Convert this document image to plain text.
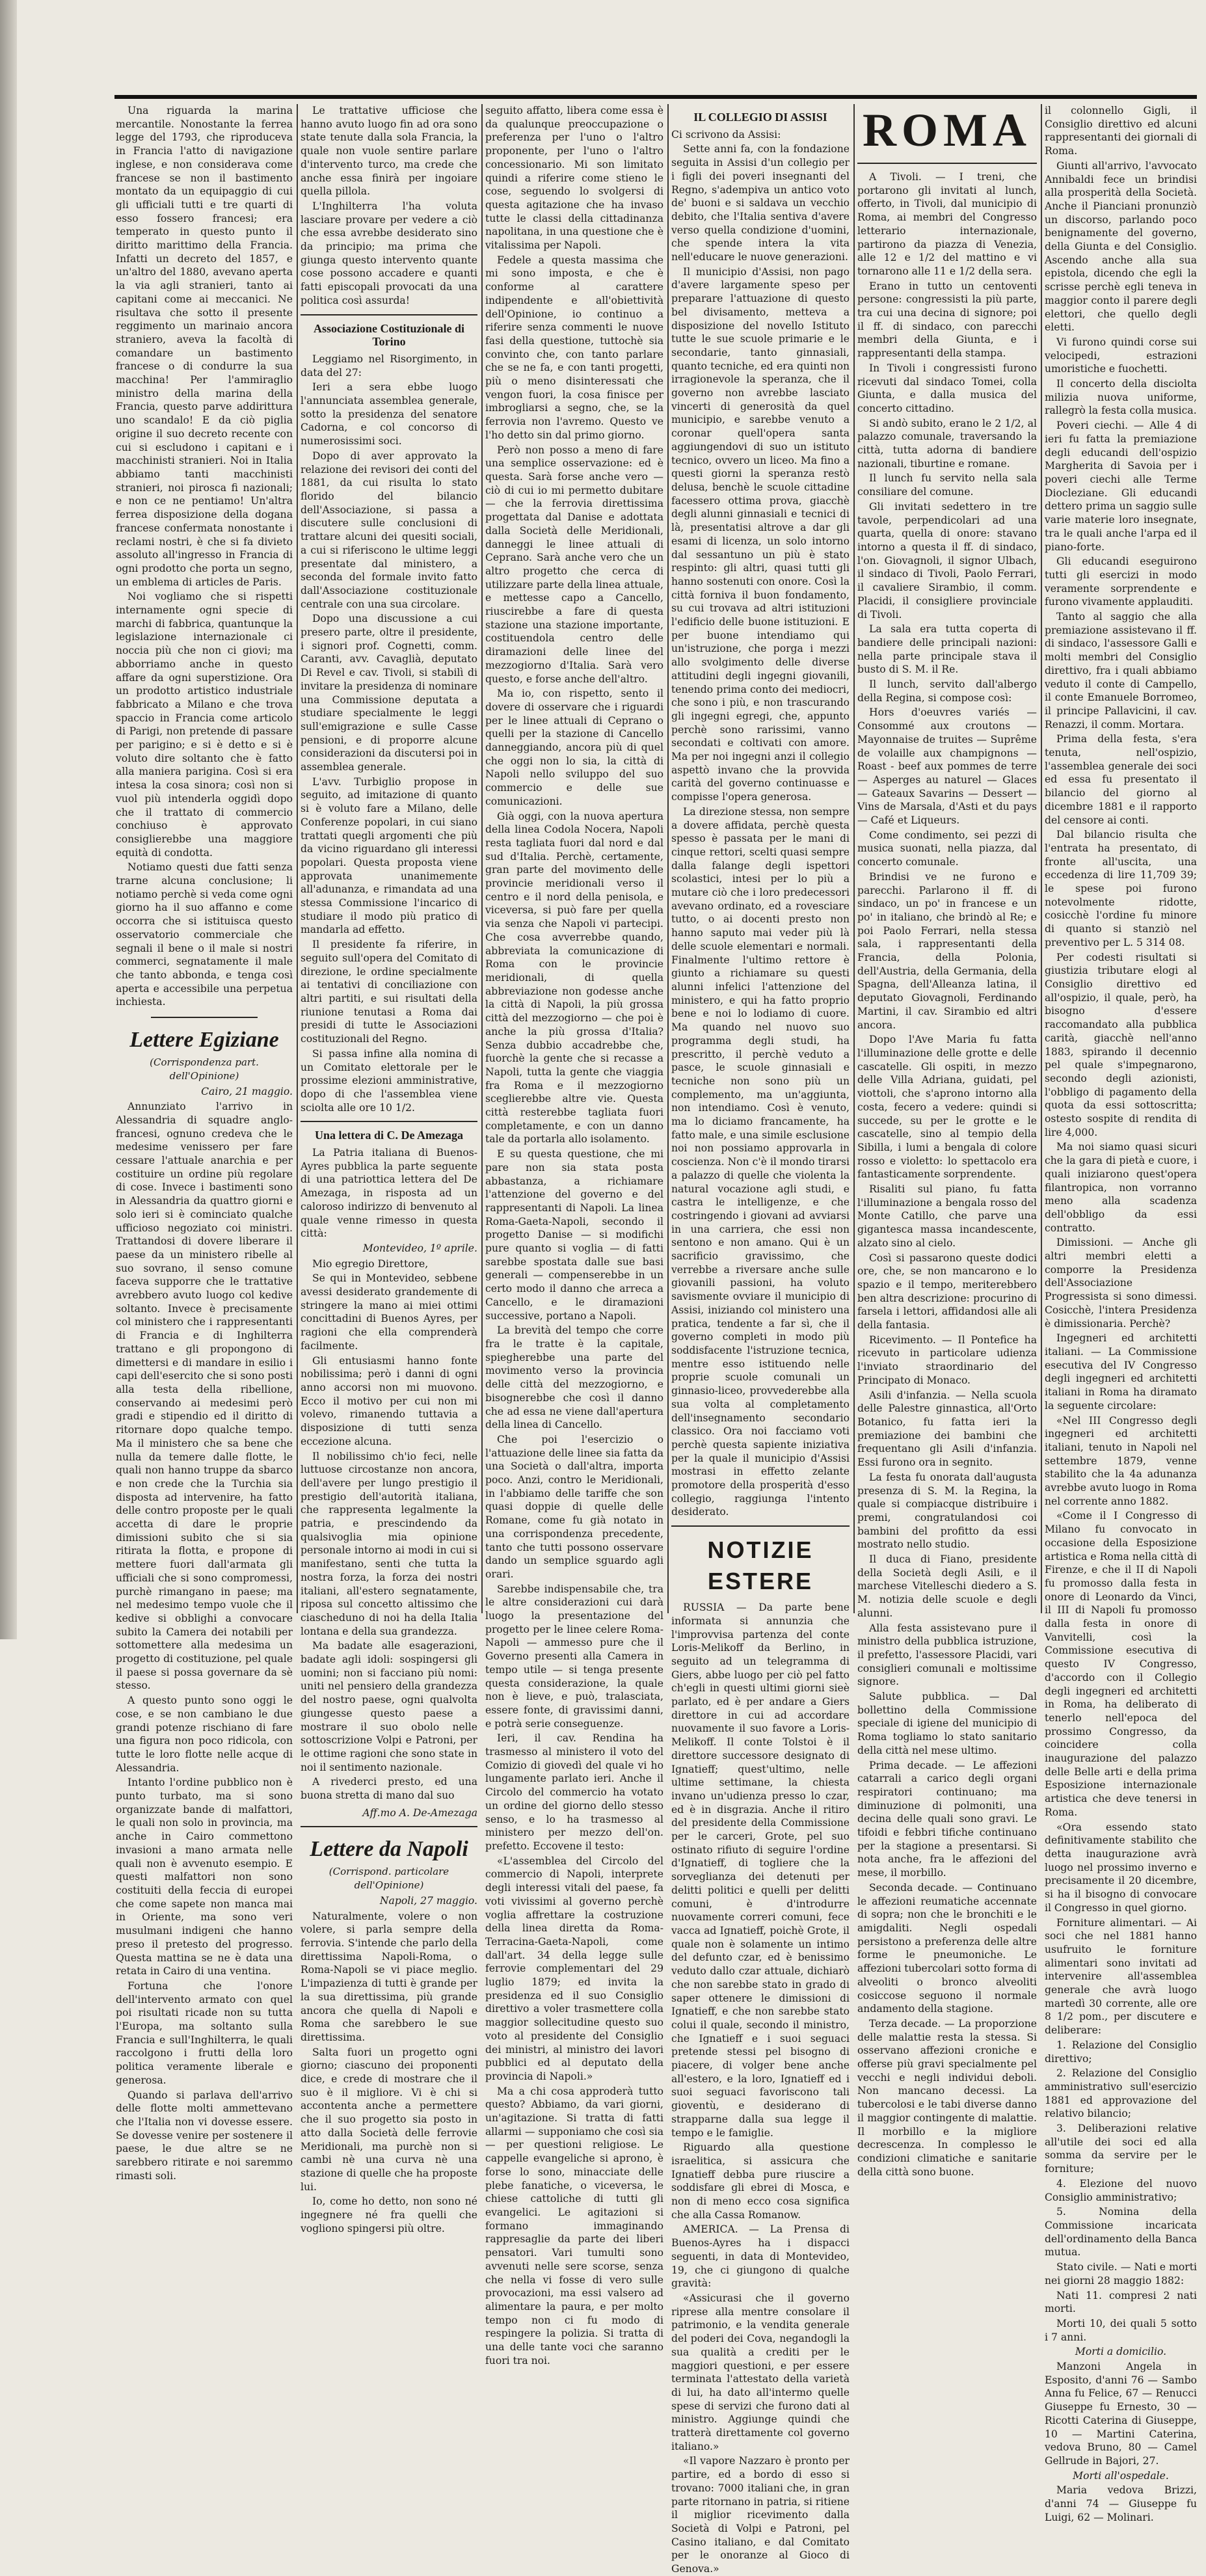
Una riguarda la marina mercantile. Nonostante la ferrea legge del 1793, che riproduceva in Francia l'atto di navigazione inglese, e non considerava come francese se non il bastimento montato da un equipaggio di cui gli ufficiali tutti e tre quarti di esso fossero francesi; era temperato in questo punto il diritto marittimo della Francia. Infatti un decreto del 1857, e un'altro del 1880, avevano aperta la via agli stranieri, tanto ai capitani come ai meccanici. Ne risultava che sotto il presente reggimento un marinaio ancora straniero, aveva la facoltà di comandare un bastimento francese o di condurre la sua macchina! Per l'ammiraglio ministro della marina della Francia, questo parve addirittura uno scandalo! E da ciò piglia origine il suo decreto recente con cui si escludono i capitani e i macchinisti stranieri. Noi in Italia abbiamo tanti macchinisti stranieri, noi pirosca fi nazionali; e non ce ne pentiamo! Un'altra ferrea disposizione della dogana francese confermata nonostante i reclami nostri, è che si fa divieto assoluto all'ingresso in Francia di ogni prodotto che porta un segno, un emblema di articles de Paris.

Noi vogliamo che si rispetti internamente ogni specie di marchi di fabbrica, quantunque la legislazione internazionale ci noccia più che non ci giovi; ma abborriamo anche in questo affare da ogni superstizione. Ora un prodotto artistico industriale fabbricato a Milano e che trova spaccio in Francia come articolo di Parigi, non pretende di passare per parigino; e si è detto e si è voluto dire soltanto che è fatto alla maniera parigina. Così si era intesa la cosa sinora; così non si vuol più intenderla oggidì dopo che il trattato di commercio conchiuso è approvato consiglierebbe una maggiore equità di condotta.

Notiamo questi due fatti senza trarne alcuna conclusione; li notiamo perchè si veda come ogni giorno ha il suo affanno e come occorra che si istituisca questo osservatorio commerciale che segnali il bene o il male si nostri commerci, segnatamente il male che tanto abbonda, e tenga così aperta e accessibile una perpetua inchiesta.

Lettere Egiziane
(Corrispondenza part. dell'Opinione)
Cairo, 21 maggio.

Annunziato l'arrivo in Alessandria di squadre anglo-francesi, ognuno credeva che le medesime venissero per fare cessare l'attuale anarchia e per costituire un ordine più regolare di cose. Invece i bastimenti sono in Alessandria da quattro giorni e solo ieri si è cominciato qualche ufficioso negoziato coi ministri. Trattandosi di dovere liberare il paese da un ministero ribelle al suo sovrano, il senso comune faceva supporre che le trattative avrebbero avuto luogo col kedive soltanto. Invece è precisamente col ministero che i rappresentanti di Francia e di Inghilterra trattano e gli propongono di dimettersi e di mandare in esilio i capi dell'esercito che si sono posti alla testa della ribellione, conservando ai medesimi però gradi e stipendio ed il diritto di ritornare dopo qualche tempo. Ma il ministero che sa bene che nulla da temere dalle flotte, le quali non hanno truppe da sbarco e non crede che la Turchia sia disposta ad intervenire, ha fatto delle contro proposte per le quali accetta di dare le proprie dimissioni subito che si sia ritirata la flotta, e propone di mettere fuori dall'armata gli ufficiali che si sono compromessi, purchè rimangano in paese; ma nel medesimo tempo vuole che il kedive si obblighi a convocare subito la Camera dei notabili per sottomettere alla medesima un progetto di costituzione, pel quale il paese si possa governare da sè stesso.

A questo punto sono oggi le cose, e se non cambiano le due grandi potenze rischiano di fare una figura non poco ridicola, con tutte le loro flotte nelle acque di Alessandria.

Intanto l'ordine pubblico non è punto turbato, ma si sono organizzate bande di malfattori, le quali non solo in provincia, ma anche in Cairo commettono invasioni a mano armata nelle quali non è avvenuto esempio. E questi malfattori non sono costituiti della feccia di europei che come sapete non manca mai in Oriente, ma sono veri musulmani indigeni che hanno preso il pretesto del progresso. Questa mattina se ne è data una retata in Cairo di una ventina.

Fortuna che l'onore dell'intervento armato con quel poi risultati ricade non su tutta l'Europa, ma soltanto sulla Francia e sull'Inghilterra, le quali raccolgono i frutti della loro politica veramente liberale e generosa.

Quando si parlava dell'arrivo delle flotte molti ammettevano che l'Italia non vi dovesse essere. Se dovesse venire per sostenere il paese, le due altre se ne sarebbero ritirate e noi saremmo rimasti soli.

Le trattative ufficiose che hanno avuto luogo fin ad ora sono state tenute dalla sola Francia, la quale non vuole sentire parlare d'intervento turco, ma crede che anche essa finirà per ingoiare quella pillola.

L'Inghilterra l'ha voluta lasciare provare per vedere a ciò che essa avrebbe desiderato sino da principio; ma prima che giunga questo intervento quante cose possono accadere e quanti fatti episcopali provocati da una politica così assurda!

Associazione Costituzionale di Torino

Leggiamo nel Risorgimento, in data del 27:

Ieri a sera ebbe luogo l'annunciata assemblea generale, sotto la presidenza del senatore Cadorna, e col concorso di numerosissimi soci.

Dopo di aver approvato la relazione dei revisori dei conti del 1881, da cui risulta lo stato florido del bilancio dell'Associazione, si passa a discutere sulle conclusioni di trattare alcuni dei quesiti sociali, a cui si riferiscono le ultime leggi presentate dal ministero, a seconda del formale invito fatto dall'Associazione costituzionale centrale con una sua circolare.

Dopo una discussione a cui presero parte, oltre il presidente, i signori prof. Cognetti, comm. Caranti, avv. Cavaglià, deputato Di Revel e cav. Tivoli, si stabilì di invitare la presidenza di nominare una Commissione deputata a studiare specialmente le leggi sull'emigrazione e sulle Casse pensioni, e di proporre alcune considerazioni da discutersi poi in assemblea generale.

L'avv. Turbiglio propose in seguito, ad imitazione di quanto si è voluto fare a Milano, delle Conferenze popolari, in cui siano trattati quegli argomenti che più da vicino riguardano gli interessi popolari. Questa proposta viene approvata unanimemente all'adunanza, e rimandata ad una stessa Commissione l'incarico di studiare il modo più pratico di mandarla ad effetto.

Il presidente fa riferire, in seguito sull'opera del Comitato di direzione, le ordine specialmente ai tentativi di conciliazione con altri partiti, e sui risultati della riunione tenutasi a Roma dai presidi di tutte le Associazioni costituzionali del Regno.

Si passa infine alla nomina di un Comitato elettorale per le prossime elezioni amministrative, dopo di che l'assemblea viene sciolta alle ore 10 1/2.

Una lettera di C. De Amezaga

La Patria italiana di Buenos-Ayres pubblica la parte seguente di una patriottica lettera del De Amezaga, in risposta ad un caloroso indirizzo di benvenuto al quale venne rimesso in questa città:

Montevideo, 1º aprile.

Mio egregio Direttore,

Se qui in Montevideo, sebbene avessi desiderato grandemente di stringere la mano ai miei ottimi concittadini di Buenos Ayres, per ragioni che ella comprenderà facilmente.

Gli entusiasmi hanno fonte nobilissima; però i danni di ogni anno accorsi non mi muovono. Ecco il motivo per cui non mi volevo, rimanendo tuttavia a disposizione di tutti senza eccezione alcuna.

Il nobilissimo ch'io feci, nelle luttuose circostanze non ancora, dell'avere per lungo prestigio il prestigio dell'autorità italiana, che rappresenta legalmente la patria, e prescindendo da qualsivoglia mia opinione personale intorno ai modi in cui si manifestano, senti che tutta la nostra forza, la forza dei nostri italiani, all'estero segnatamente, riposa sul concetto altissimo che ciascheduno di noi ha della Italia lontana e della sua grandezza.

Ma badate alle esagerazioni, badate agli idoli: sospingersi gli uomini; non si facciano più nomi: uniti nel pensiero della grandezza del nostro paese, ogni qualvolta giungesse questo paese a mostrare il suo obolo nelle sottoscrizione Volpi e Patroni, per le ottime ragioni che sono state in noi il sentimento nazionale.

A rivederci presto, ed una buona stretta di mano dal suo

Aff.mo A. De-Amezaga
Lettere da Napoli
(Corrispond. particolare dell'Opinione)
Napoli, 27 maggio.

Naturalmente, volere o non volere, si parla sempre della ferrovia. S'intende che parlo della direttissima Napoli-Roma, o Roma-Napoli se vi piace meglio. L'impazienza di tutti è grande per la sua direttissima, più grande ancora che quella di Napoli e Roma che sarebbero le sue direttissima.

Salta fuori un progetto ogni giorno; ciascuno dei proponenti dice, e crede di mostrare che il suo è il migliore. Vi è chi si accontenta anche a permettere che il suo progetto sia posto in atto dalla Società delle ferrovie Meridionali, ma purchè non si cambi nè una curva nè una stazione di quelle che ha proposte lui.

Io, come ho detto, non sono né ingegnere né fra quelli che vogliono spingersi più oltre.

seguito affatto, libera come essa è da qualunque preoccupazione o preferenza per l'uno o l'altro proponente, per l'uno o l'altro concessionario. Mi son limitato quindi a riferire come stieno le cose, seguendo lo svolgersi di questa agitazione che ha invaso tutte le classi della cittadinanza napolitana, in una questione che è vitalissima per Napoli.

Fedele a questa massima che mi sono imposta, e che è conforme al carattere indipendente e all'obiettività dell'Opinione, io continuo a riferire senza commenti le nuove fasi della questione, tuttochè sia convinto che, con tanto parlare che se ne fa, e con tanti progetti, più o meno disinteressati che vengon fuori, la cosa finisce per imbrogliarsi a segno, che, se la ferrovia non l'avremo. Questo ve l'ho detto sin dal primo giorno.

Però non posso a meno di fare una semplice osservazione: ed è questa. Sarà forse anche vero — ciò di cui io mi permetto dubitare — che la ferrovia direttissima progettata dal Danise e adottata dalla Società delle Meridionali, danneggi le linee attuali di Ceprano. Sarà anche vero che un altro progetto che cerca di utilizzare parte della linea attuale, e mettesse capo a Cancello, riuscirebbe a fare di questa stazione una stazione importante, costituendola centro delle diramazioni delle linee del mezzogiorno d'Italia. Sarà vero questo, e forse anche dell'altro.

Ma io, con rispetto, sento il dovere di osservare che i riguardi per le linee attuali di Ceprano o quelli per la stazione di Cancello danneggiando, ancora più di quel che oggi non lo sia, la città di Napoli nello sviluppo del suo commercio e delle sue comunicazioni.

Già oggi, con la nuova apertura della linea Codola Nocera, Napoli resta tagliata fuori dal nord e dal sud d'Italia. Perchè, certamente, gran parte del movimento delle provincie meridionali verso il centro e il nord della penisola, e viceversa, si può fare per quella via senza che Napoli vi partecipi. Che cosa avverrebbe quando, abbreviata la comunicazione di Roma con le provincie meridionali, di quella abbreviazione non godesse anche la città di Napoli, la più grossa città del mezzogiorno — che poi è anche la più grossa d'Italia? Senza dubbio accadrebbe che, fuorchè la gente che si recasse a Napoli, tutta la gente che viaggia fra Roma e il mezzogiorno sceglierebbe altre vie. Questa città resterebbe tagliata fuori completamente, e con un danno tale da portarla allo isolamento.

E su questa questione, che mi pare non sia stata posta abbastanza, a richiamare l'attenzione del governo e del rappresentanti di Napoli. La linea Roma-Gaeta-Napoli, secondo il progetto Danise — si modifichi pure quanto si voglia — di fatti sarebbe spostata dalle sue basi generali — compenserebbe in un certo modo il danno che arreca a Cancello, e le diramazioni successive, portano a Napoli.

La brevità del tempo che corre fra le tratte è la capitale, spiegherebbe una parte del movimento verso la provincia delle città del mezzogiorno, e bisognerebbe che così il danno che ad essa ne viene dall'apertura della linea di Cancello.

Che poi l'esercizio o l'attuazione delle linee sia fatta da una Società o dall'altra, importa poco. Anzi, contro le Meridionali, in l'abbiamo delle tariffe che son quasi doppie di quelle delle Romane, come fu già notato in una corrispondenza precedente, tanto che tutti possono osservare dando un semplice sguardo agli orari.

Sarebbe indispensabile che, tra le altre considerazioni cui darà luogo la presentazione del progetto per le linee celere Roma-Napoli — ammesso pure che il Governo presenti alla Camera in tempo utile — si tenga presente questa considerazione, la quale non è lieve, e può, tralasciata, essere fonte, di gravissimi danni, e potrà serie conseguenze.

Ieri, il cav. Rendina ha trasmesso al ministero il voto del Comizio di giovedì del quale vi ho lungamente parlato ieri. Anche il Circolo del commercio ha votato un ordine del giorno dello stesso senso, e lo ha trasmesso al ministero per mezzo dell'on. prefetto. Eccovene il testo:

«L'assemblea del Circolo del commercio di Napoli, interprete degli interessi vitali del paese, fa voti vivissimi al governo perchè voglia affrettare la costruzione della linea diretta da Roma-Terracina-Gaeta-Napoli, come dall'art. 34 della legge sulle ferrovie complementari del 29 luglio 1879; ed invita la presidenza ed il suo Consiglio direttivo a voler trasmettere colla maggior sollecitudine questo suo voto al presidente del Consiglio dei ministri, al ministro dei lavori pubblici ed al deputato della provincia di Napoli.»

Ma a chi cosa approderà tutto questo? Abbiamo, da vari giorni, un'agitazione. Si tratta di fatti allarmi — supponiamo che così sia — per questioni religiose. Le cappelle evangeliche si aprono, è forse lo sono, minacciate delle plebe fanatiche, o viceversa, le chiese cattoliche di tutti gli evangelici. Le agitazioni si formano immaginando rappresaglie da parte dei liberi pensatori. Vari tumulti sono avvenuti nelle sere scorse, senza che nella vi fosse di vero sulle provocazioni, ma essi valsero ad alimentare la paura, e per molto tempo non ci fu modo di respingere la polizia. Si tratta di una delle tante voci che saranno fuori tra noi.

IL COLLEGIO DI ASSISI

Ci scrivono da Assisi:

Sette anni fa, con la fondazione seguita in Assisi d'un collegio per i figli dei poveri insegnanti del Regno, s'adempiva un antico voto de' buoni e si saldava un vecchio debito, che l'Italia sentiva d'avere verso quella condizione d'uomini, che spende intera la vita nell'educare le nuove generazioni.

Il municipio d'Assisi, non pago d'avere largamente speso per preparare l'attuazione di questo bel divisamento, metteva a disposizione del novello Istituto tutte le sue scuole primarie e le secondarie, tanto ginnasiali, quanto tecniche, ed era quinti non irragionevole la speranza, che il governo non avrebbe lasciato vincerti di generosità da quel municipio, e sarebbe venuto a coronar quell'opera santa aggiungendovi di suo un istituto tecnico, ovvero un liceo. Ma fino a questi giorni la speranza restò delusa, benchè le scuole cittadine facessero ottima prova, giacchè degli alunni ginnasiali e tecnici di là, presentatisi altrove a dar gli esami di licenza, un solo intorno dal sessantuno un più è stato respinto: gli altri, quasi tutti gli hanno sostenuti con onore. Così la città forniva il buon fondamento, su cui trovava ad altri istituzioni l'edificio delle buone istituzioni. E per buone intendiamo qui un'istruzione, che porga i mezzi allo svolgimento delle diverse attitudini degli ingegni giovanili, tenendo prima conto dei mediocri, che sono i più, e non trascurando gli ingegni egregi, che, appunto perchè sono rarissimi, vanno secondati e coltivati con amore. Ma per noi ingegni anzi il collegio aspettò invano che la provvida carità del governo continuasse e compisse l'opera generosa.

La direzione stessa, non sempre a dovere affidata, perchè questa spesso è passata per le mani di cinque rettori, scelti quasi sempre dalla falange degli ispettori scolastici, intesi per lo più a mutare ciò che i loro predecessori avevano ordinato, ed a rovesciare tutto, o ai docenti presto non hanno saputo mai veder più là delle scuole elementari e normali. Finalmente l'ultimo rettore è giunto a richiamare su questi alunni infelici l'attenzione del ministero, e qui ha fatto proprio bene e noi lo lodiamo di cuore. Ma quando nel nuovo suo programma degli studi, ha prescritto, il perchè veduto a pasce, le scuole ginnasiali e tecniche non sono più un complemento, ma un'aggiunta, non intendiamo. Così è venuto, ma lo diciamo francamente, ha fatto male, e una simile esclusione noi non possiamo approvarla in coscienza. Non c'è il mondo tirarsi a palazzo di quelle che violenta la natural vocazione agli studi, e castra le intelligenze, e che costringendo i giovani ad avviarsi in una carriera, che essi non sentono e non amano. Qui è un sacrificio gravissimo, che verrebbe a riversare anche sulle giovanili passioni, ha voluto savismente ovviare il municipio di Assisi, iniziando col ministero una pratica, tendente a far sì, che il governo completi in modo più soddisfacente l'istruzione tecnica, mentre esso istituendo nelle proprie scuole comunali un ginnasio-liceo, provvederebbe alla sua volta al completamento dell'insegnamento secondario classico. Ora noi facciamo voti perchè questa sapiente iniziativa per la quale il municipio d'Assisi mostrasi in effetto zelante promotore della prosperità d'esso collegio, raggiunga l'intento desiderato.

NOTIZIE ESTERE

RUSSIA — Da parte bene informata si annunzia che l'improvvisa partenza del conte Loris-Melikoff da Berlino, in seguito ad un telegramma di Giers, abbe luogo per ciò pel fatto ch'egli in questi ultimi giorni sieè parlato, ed è per andare a Giers direttore in cui ad accordare nuovamente il suo favore a Loris-Melikoff. Il conte Tolstoi è il direttore successore designato di Ignatieff; quest'ultimo, nelle ultime settimane, la chiesta invano un'udienza presso lo czar, ed è in disgrazia. Anche il ritiro del presidente della Commissione per le carceri, Grote, pel suo ostinato rifiuto di seguire l'ordine d'Ignatieff, di togliere che la sorveglianza dei detenuti per delitti politici e quelli per delitti comuni, è d'introdurre nuovamente correri comuni, fece vacca ad Ignatieff, poichè Grote, il quale non è solamente un intimo del defunto czar, ed è benissimo veduto dallo czar attuale, dichiarò che non sarebbe stato in grado di saper ottenere le dimissioni di Ignatieff, e che non sarebbe stato colui il quale, secondo il ministro, che Ignatieff e i suoi seguaci pretende stessi pel bisogno di piacere, di volger bene anche all'estero, e la loro, Ignatieff ed i suoi seguaci favoriscono tali gioventù, e desiderano di strapparne dalla sua legge il tempo e le famiglie.

Riguardo alla questione israelitica, si assicura che Ignatieff debba pure riuscire a soddisfare gli ebrei di Mosca, e non di meno ecco cosa significa che alla Cassa Romanow.

AMERICA. — La Prensa di Buenos-Ayres ha i dispacci seguenti, in data di Montevideo, 19, che ci giungono di qualche gravità:

«Assicurasi che il governo riprese alla mentre consolare il patrimonio, e la vendita generale del poderi dei Cova, negandogli la sua qualità a crediti per le maggiori questioni, e per essere terminata l'attestato della varietà di lui, ha dato all'intermo quelle spese di servizi che furono dati al ministro. Aggiunge quindi che tratterà direttamente col governo italiano.»

«Il vapore Nazzaro è pronto per partire, ed a bordo di esso si trovano: 7000 italiani che, in gran parte ritornano in patria, si ritiene il miglior ricevimento dalla Società di Volpi e Patroni, pel Casino italiano, e dal Comitato per le onoranze al Gioco di Genova.»

ROMA

A Tivoli. — I treni, che portarono gli invitati al lunch, offerto, in Tivoli, dal municipio di Roma, ai membri del Congresso letterario internazionale, partirono da piazza di Venezia, alle 12 e 1/2 del mattino e vi tornarono alle 11 e 1/2 della sera.

Erano in tutto un centoventi persone: congressisti la più parte, tra cui una decina di signore; poi il ff. di sindaco, con parecchi membri della Giunta, e i rappresentanti della stampa.

In Tivoli i congressisti furono ricevuti dal sindaco Tomei, colla Giunta, e dalla musica del concerto cittadino.

Si andò subito, erano le 2 1/2, al palazzo comunale, traversando la città, tutta adorna di bandiere nazionali, tiburtine e romane.

Il lunch fu servito nella sala consiliare del comune.

Gli invitati sedettero in tre tavole, perpendicolari ad una quarta, quella di onore: stavano intorno a questa il ff. di sindaco, l'on. Giovagnoli, il signor Ulbach, il sindaco di Tivoli, Paolo Ferrari, il cavaliere Sirambio, il comm. Placidi, il consigliere provinciale di Tivoli.

La sala era tutta coperta di bandiere delle principali nazioni: nella parte principale stava il busto di S. M. il Re.

Il lunch, servito dall'albergo della Regina, si compose così:

Hors d'oeuvres variés — Consommé aux croutons — Mayonnaise de truites — Suprême de volaille aux champignons — Roast - beef aux pommes de terre — Asperges au naturel — Glaces — Gateaux Savarins — Dessert — Vins de Marsala, d'Asti et du pays — Café et Liqueurs.

Come condimento, sei pezzi di musica suonati, nella piazza, dal concerto comunale.

Brindisi ve ne furono e parecchi. Parlarono il ff. di sindaco, un po' in francese e un po' in italiano, che brindò al Re; e poi Paolo Ferrari, nella stessa sala, i rappresentanti della Francia, della Polonia, dell'Austria, della Germania, della Spagna, dell'Alleanza latina, il deputato Giovagnoli, Ferdinando Martini, il cav. Sirambio ed altri ancora.

Dopo l'Ave Maria fu fatta l'illuminazione delle grotte e delle cascatelle. Gli ospiti, in mezzo delle Villa Adriana, guidati, pel viottoli, che s'aprono intorno alla costa, fecero a vedere: quindi si succede, su per le grotte e le cascatelle, sino al tempio della Sibilla, i lumi a bengala di colore rosso e violetto: lo spettacolo era fantasticamente sorprendente.

Risaliti sul piano, fu fatta l'illuminazione a bengala rosso del Monte Catillo, che parve una gigantesca massa incandescente, alzato sino al cielo.

Così si passarono queste dodici ore, che, se non mancarono e lo spazio e il tempo, meriterebbero ben altra descrizione: procurino di farsela i lettori, affidandosi alle ali della fantasia.

Ricevimento. — Il Pontefice ha ricevuto in particolare udienza l'inviato straordinario del Principato di Monaco.

Asili d'infanzia. — Nella scuola delle Palestre ginnastica, all'Orto Botanico, fu fatta ieri la premiazione dei bambini che frequentano gli Asili d'infanzia. Essi furono ora in segnito.

La festa fu onorata dall'augusta presenza di S. M. la Regina, la quale si compiacque distribuire i premi, congratulandosi coi bambini del profitto da essi mostrato nello studio.

Il duca di Fiano, presidente della Società degli Asili, e il marchese Vitelleschi diedero a S. M. notizia delle scuole e degli alunni.

Alla festa assistevano pure il ministro della pubblica istruzione, il prefetto, l'assessore Placidi, vari consiglieri comunali e moltissime signore.

Salute pubblica. — Dal bollettino della Commissione speciale di igiene del municipio di Roma togliamo lo stato sanitario della città nel mese ultimo.

Prima decade. — Le affezioni catarrali a carico degli organi respiratori continuano; ma diminuzione di polmoniti, una decina delle quali sono gravi. Le tifoidi e febbri tifiche continuano per la stagione a presentarsi. Si nota anche, fra le affezioni del mese, il morbillo.

Seconda decade. — Continuano le affezioni reumatiche accennate di sopra; non che le bronchiti e le amigdaliti. Negli ospedali persistono a preferenza delle altre forme le pneumoniche. Le affezioni tubercolari sotto forma di alveoliti o bronco alveoliti cosiccose seguono il normale andamento della stagione.

Terza decade. — La proporzione delle malattie resta la stessa. Si osservano affezioni croniche e offerse più gravi specialmente pel vecchi e negli individui deboli. Non mancano decessi. La tubercolosi e le tabi diverse danno il maggior contingente di malattie. Il morbillo e la migliore decrescenza. In complesso le condizioni climatiche e sanitarie della città sono buone.

il colonnello Gigli, il Consiglio direttivo ed alcuni rappresentanti dei giornali di Roma.

Giunti all'arrivo, l'avvocato Annibaldi fece un brindisi alla prosperità della Società. Anche il Pianciani pronunziò un discorso, parlando poco benignamente del governo, della Giunta e del Consiglio. Ascendo anche alla sua epistola, dicendo che egli la scrisse perchè egli teneva in maggior conto il parere degli elettori, che quello degli eletti.

Vi furono quindi corse sui velocipedi, estrazioni umoristiche e fuochetti.

Il concerto della disciolta milizia nuova uniforme, rallegrò la festa colla musica.

Poveri ciechi. — Alle 4 di ieri fu fatta la premiazione degli educandi dell'ospizio Margherita di Savoia per i poveri ciechi alle Terme Diocleziane. Gli educandi dettero prima un saggio sulle varie materie loro insegnate, tra le quali anche l'arpa ed il piano-forte.

Gli educandi eseguirono tutti gli esercizi in modo veramente sorprendente e furono vivamente applauditi.

Tanto al saggio che alla premiazione assistevano il ff. di sindaco, l'assessore Galli e molti membri del Consiglio direttivo, fra i quali abbiamo veduto il conte di Campello, il conte Emanuele Borromeo, il principe Pallavicini, il cav. Renazzi, il comm. Mortara.

Prima della festa, s'era tenuta, nell'ospizio, l'assemblea generale dei soci ed essa fu presentato il bilancio del giorno al dicembre 1881 e il rapporto del censore ai conti.

Dal bilancio risulta che l'entrata ha presentato, di fronte all'uscita, una eccedenza di lire 11,709 39; le spese poi furono notevolmente ridotte, cosicchè l'ordine fu minore di quanto si stanziò nel preventivo per L. 5 314 08.

Per codesti risultati si giustizia tributare elogi al Consiglio direttivo ed all'ospizio, il quale, però, ha bisogno d'essere raccomandato alla pubblica carità, giacchè nell'anno 1883, spirando il decennio pel quale s'impegnarono, secondo degli azionisti, l'obbligo di pagamento della quota da essi sottoscritta; ostesto sospite di rendita di lire 4,000.

Ma noi siamo quasi sicuri che la gara di pietà e cuore, i quali iniziarono quest'opera filantropica, non vorranno meno alla scadenza dell'obbligo da essi contratto.

Dimissioni. — Anche gli altri membri eletti a comporre la Presidenza dell'Associazione Progressista si sono dimessi. Cosicchè, l'intera Presidenza è dimissionaria. Perchè?

Ingegneri ed architetti italiani. — La Commissione esecutiva del IV Congresso degli ingegneri ed architetti italiani in Roma ha diramato la seguente circolare:

«Nel III Congresso degli ingegneri ed architetti italiani, tenuto in Napoli nel settembre 1879, venne stabilito che la 4a adunanza avrebbe avuto luogo in Roma nel corrente anno 1882.

«Come il I Congresso di Milano fu convocato in occasione della Esposizione artistica e Roma nella città di Firenze, e che il II di Napoli fu promosso dalla festa in onore di Leonardo da Vinci, il III di Napoli fu promosso dalla festa in onore di Vanvitelli, così la Commissione esecutiva di questo IV Congresso, d'accordo con il Collegio degli ingegneri ed architetti in Roma, ha deliberato di tenerlo nell'epoca del prossimo Congresso, da coincidere colla inaugurazione del palazzo delle Belle arti e della prima Esposizione internazionale artistica che deve tenersi in Roma.

«Ora essendo stato definitivamente stabilito che detta inaugurazione avrà luogo nel prossimo inverno e precisamente il 20 dicembre, si ha il bisogno di convocare il Congresso in quel giorno.

Forniture alimentari. — Ai soci che nel 1881 hanno usufruito le forniture alimentari sono invitati ad intervenire all'assemblea generale che avrà luogo martedì 30 corrente, alle ore 8 1/2 pom., per discutere e deliberare:

1. Relazione del Consiglio direttivo;

2. Relazione del Consiglio amministrativo sull'esercizio 1881 ed approvazione del relativo bilancio;

3. Deliberazioni relative all'utile dei soci ed alla somma da servire per le forniture;

4. Elezione del nuovo Consiglio amministrativo;

5. Nomina della Commissione incaricata dell'ordinamento della Banca mutua.

Stato civile. — Nati e morti nei giorni 28 maggio 1882:

Nati 11. compresi 2 nati morti.

Morti 10, dei quali 5 sotto i 7 anni.

Morti a domicilio.

Manzoni Angela in Esposito, d'anni 76 — Sambo Anna fu Felice, 67 — Renucci Giuseppe fu Ernesto, 30 — Ricotti Caterina di Giuseppe, 10 — Martini Caterina, vedova Bruno, 80 — Camel Gellrude in Bajori, 27.

Morti all'ospedale.

Maria vedova Brizzi, d'anni 74 — Giuseppe fu Luigi, 62 — Molinari.
